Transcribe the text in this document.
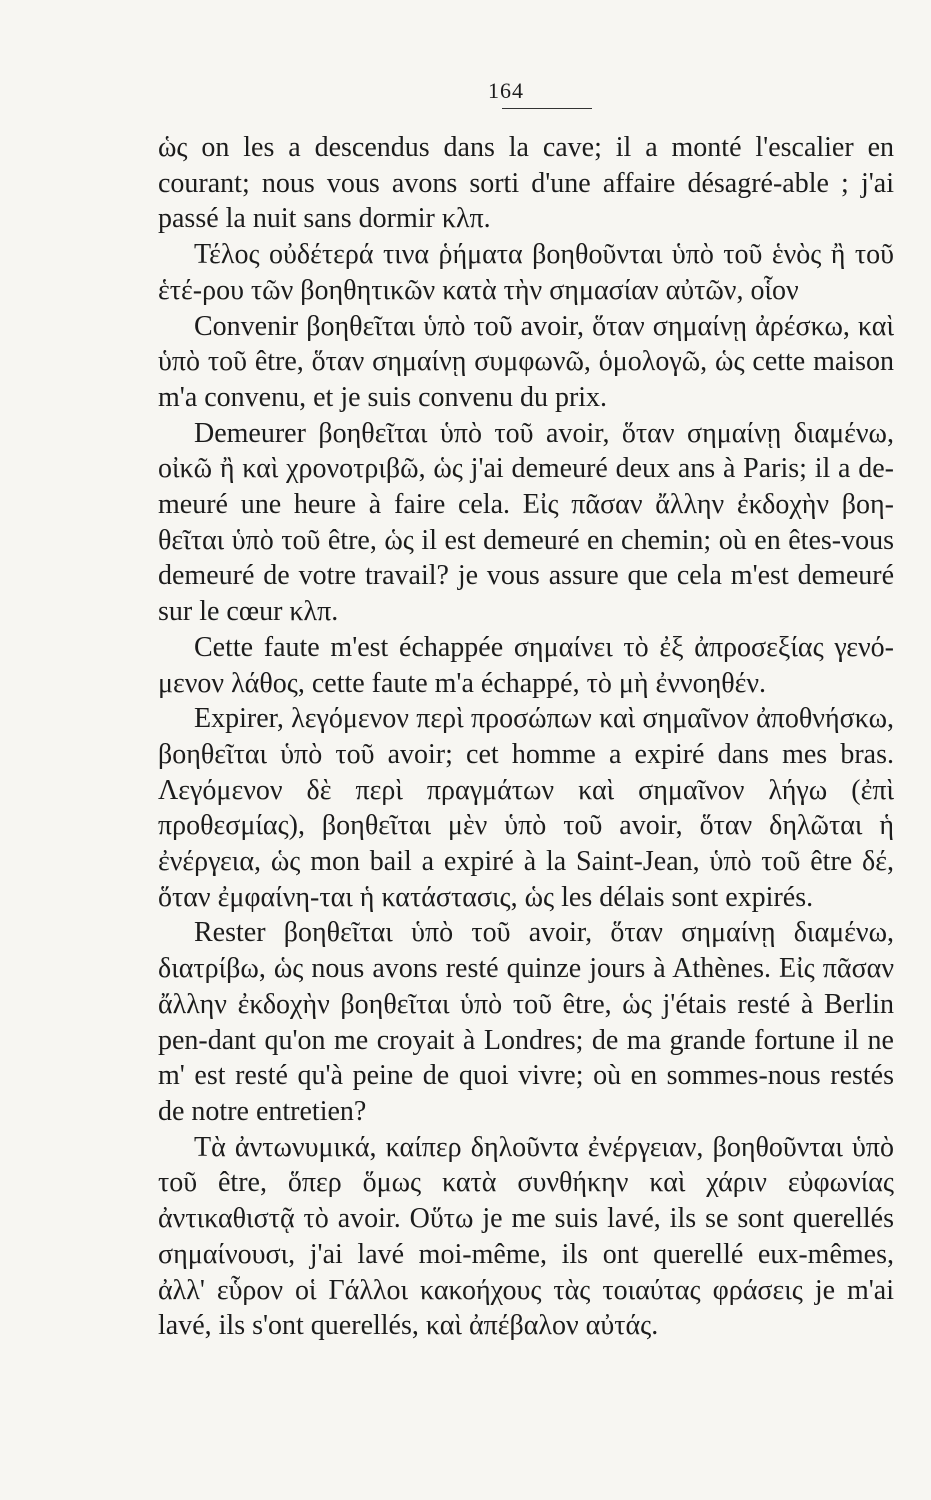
164

ὡς on les a descendus dans la cave; il a monté l'escalier en courant; nous vous avons sorti d'une affaire désagré-able ; j'ai passé la nuit sans dormir κλπ.

Τέλος οὐδέτερά τινα ῥήματα βοηθοῦνται ὑπὸ τοῦ ἑνὸς ἢ τοῦ ἑτέ-ρου τῶν βοηθητικῶν κατὰ τὴν σημασίαν αὐτῶν, οἷον

Convenir βοηθεῖται ὑπὸ τοῦ avoir, ὅταν σημαίνῃ ἀρέσκω, καὶ ὑπὸ τοῦ être, ὅταν σημαίνῃ συμφωνῶ, ὁμολογῶ, ὡς cette maison m'a convenu, et je suis convenu du prix.

Demeurer βοηθεῖται ὑπὸ τοῦ avoir, ὅταν σημαίνῃ διαμένω, οἰκῶ ἢ καὶ χρονοτριβῶ, ὡς j'ai demeuré deux ans à Paris; il a de-meuré une heure à faire cela. Εἰς πᾶσαν ἄλλην ἐκδοχὴν βοη-θεῖται ὑπὸ τοῦ être, ὡς il est demeuré en chemin; où en êtes-vous demeuré de votre travail? je vous assure que cela m'est demeuré sur le cœur κλπ.

Cette faute m'est échappée σημαίνει τὸ ἐξ ἀπροσεξίας γενό-μενον λάθος, cette faute m'a échappé, τὸ μὴ ἐννοηθέν.

Expirer, λεγόμενον περὶ προσώπων καὶ σημαῖνον ἀποθνήσκω, βοηθεῖται ὑπὸ τοῦ avoir; cet homme a expiré dans mes bras. Λεγόμενον δὲ περὶ πραγμάτων καὶ σημαῖνον λήγω (ἐπὶ προθεσμίας), βοηθεῖται μὲν ὑπὸ τοῦ avoir, ὅταν δηλῶται ἡ ἐνέργεια, ὡς mon bail a expiré à la Saint-Jean, ὑπὸ τοῦ être δέ, ὅταν ἐμφαίνη-ται ἡ κατάστασις, ὡς les délais sont expirés.

Rester βοηθεῖται ὑπὸ τοῦ avoir, ὅταν σημαίνῃ διαμένω, διατρίβω, ὡς nous avons resté quinze jours à Athènes. Εἰς πᾶσαν ἄλλην ἐκδοχὴν βοηθεῖται ὑπὸ τοῦ être, ὡς j'étais resté à Berlin pen-dant qu'on me croyait à Londres; de ma grande fortune il ne m' est resté qu'à peine de quoi vivre; où en sommes-nous restés de notre entretien?

Τὰ ἀντωνυμικά, καίπερ δηλοῦντα ἐνέργειαν, βοηθοῦνται ὑπὸ τοῦ être, ὅπερ ὅμως κατὰ συνθήκην καὶ χάριν εὐφωνίας ἀντικαθιστᾷ τὸ avoir. Οὕτω je me suis lavé, ils se sont querellés σημαίνουσι, j'ai lavé moi-même, ils ont querellé eux-mêmes, ἀλλ' εὗρον οἱ Γάλλοι κακοήχους τὰς τοιαύτας φράσεις je m'ai lavé, ils s'ont querellés, καὶ ἀπέβαλον αὐτάς.
